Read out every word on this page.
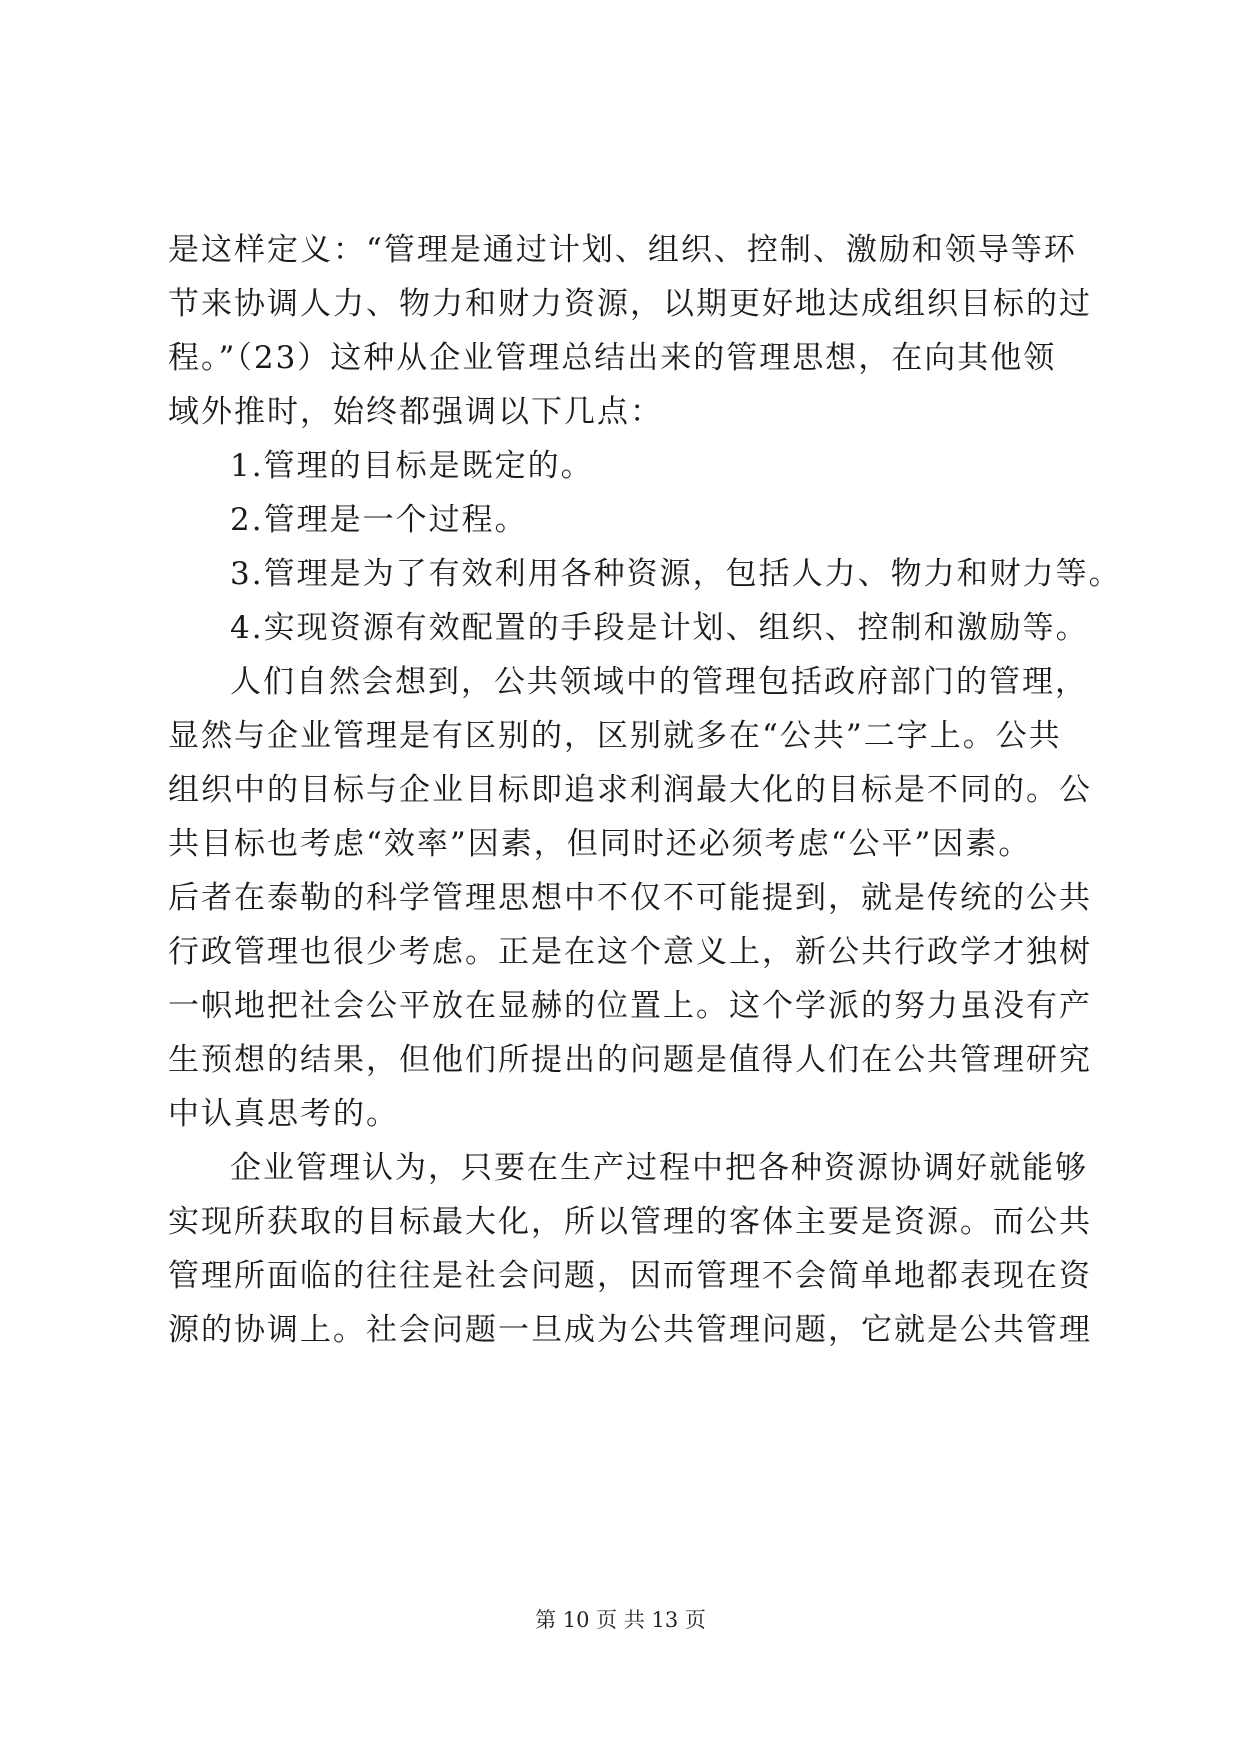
是这样定义：“管理是通过计划、组织、控制、激励和领导等环
节来协调人力、物力和财力资源，以期更好地达成组织目标的过
程。”（23）这种从企业管理总结出来的管理思想，在向其他领
域外推时，始终都强调以下几点：
1.管理的目标是既定的。
2.管理是一个过程。
3.管理是为了有效利用各种资源，包括人力、物力和财力等。
4.实现资源有效配置的手段是计划、组织、控制和激励等。
人们自然会想到，公共领域中的管理包括政府部门的管理，
显然与企业管理是有区别的，区别就多在“公共”二字上。公共
组织中的目标与企业目标即追求利润最大化的目标是不同的。公
共目标也考虑“效率”因素，但同时还必须考虑“公平”因素。
后者在泰勒的科学管理思想中不仅不可能提到，就是传统的公共
行政管理也很少考虑。正是在这个意义上，新公共行政学才独树
一帜地把社会公平放在显赫的位置上。这个学派的努力虽没有产
生预想的结果，但他们所提出的问题是值得人们在公共管理研究
中认真思考的。
企业管理认为，只要在生产过程中把各种资源协调好就能够
实现所获取的目标最大化，所以管理的客体主要是资源。而公共
管理所面临的往往是社会问题，因而管理不会简单地都表现在资
源的协调上。社会问题一旦成为公共管理问题，它就是公共管理
第 10 页 共 13 页
